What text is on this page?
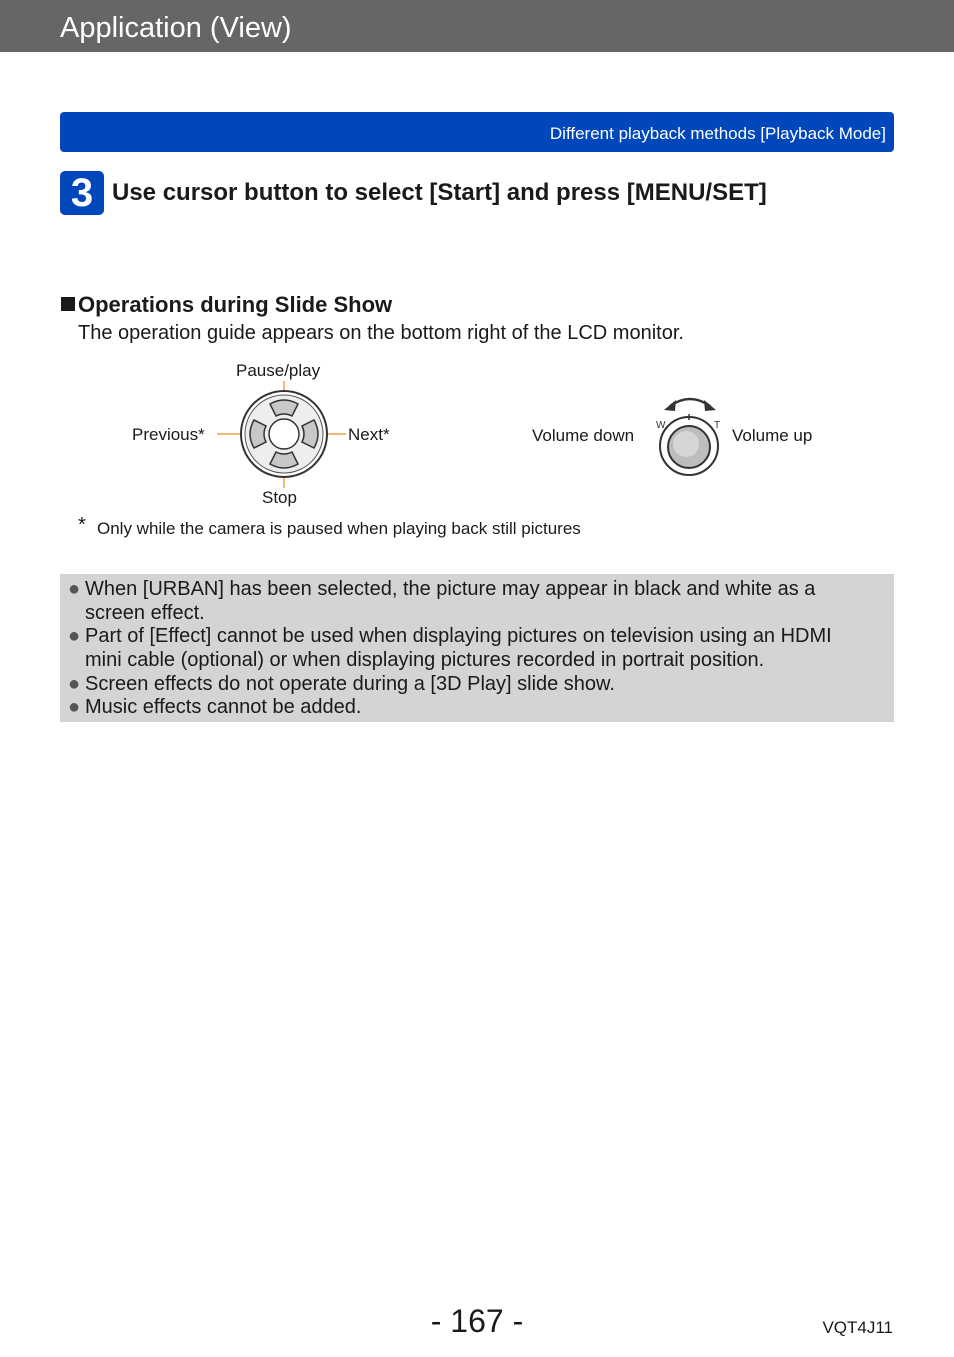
Application (View)
Different playback methods [Playback Mode]
3 Use cursor button to select [Start] and press [MENU/SET]
Operations during Slide Show
The operation guide appears on the bottom right of the LCD monitor.
W	T
Pause/play
Previous*	Next*
Stop
Volume down	Volume up
* Only while the camera is paused when playing back still pictures
● When [URBAN] has been selected, the picture may appear in black and white as a
screen effect.
● Part of [Effect] cannot be used when displaying pictures on television using an HDMI
mini cable (optional) or when displaying pictures recorded in portrait position.
● Screen effects do not operate during a [3D Play] slide show.
● Music effects cannot be added.
- 167 -	VQT4J11
